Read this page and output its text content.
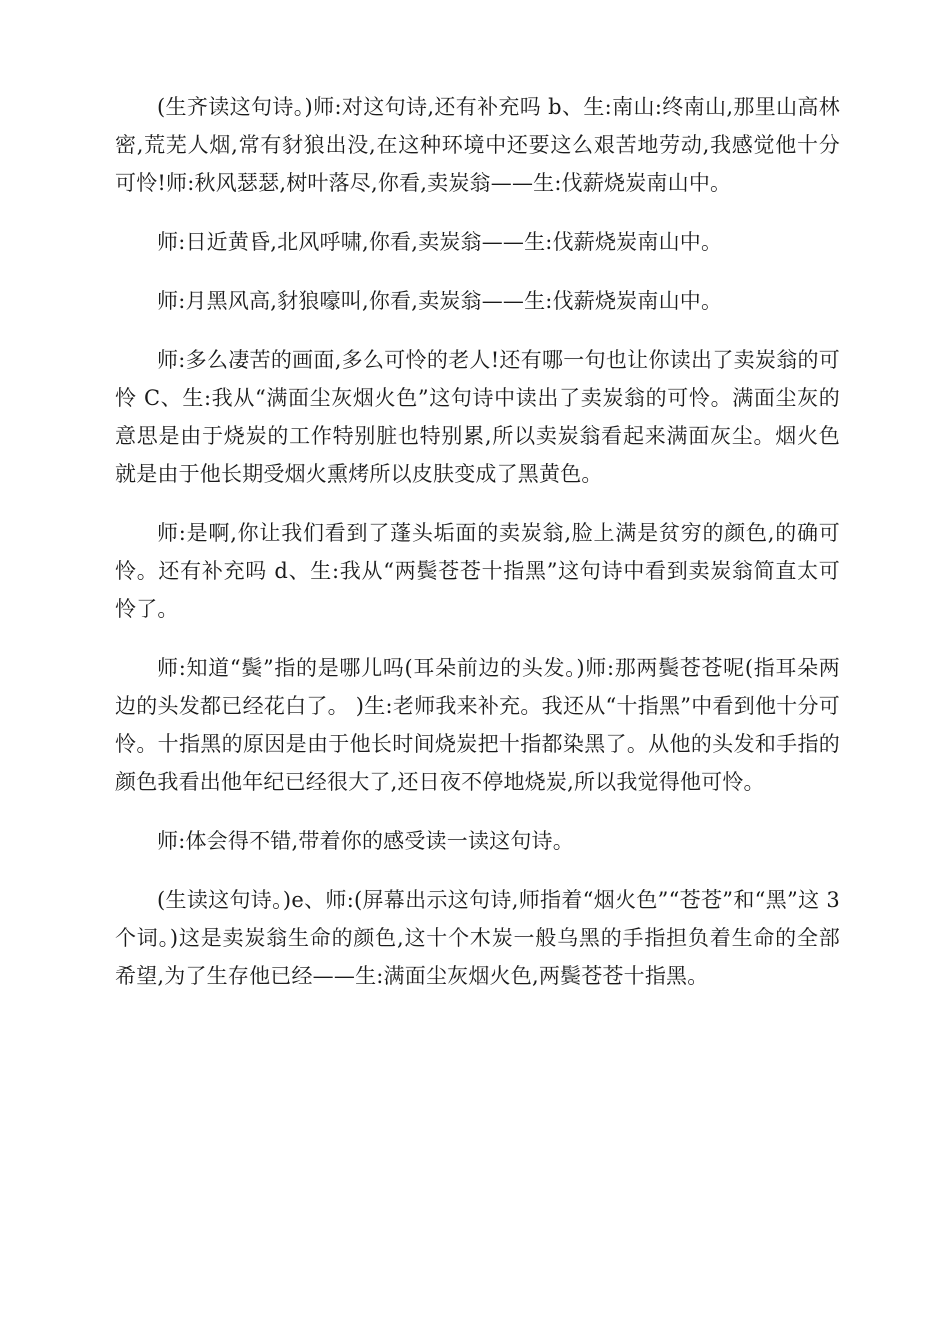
(生齐读这句诗。)师:对这句诗,还有补充吗 b、生:南山:终南山,那里山高林密,荒芜人烟,常有豺狼出没,在这种环境中还要这么艰苦地劳动,我感觉他十分可怜!师:秋风瑟瑟,树叶落尽,你看,卖炭翁——生:伐薪烧炭南山中。

师:日近黄昏,北风呼啸,你看,卖炭翁——生:伐薪烧炭南山中。

师:月黑风高,豺狼嚎叫,你看,卖炭翁——生:伐薪烧炭南山中。

师:多么凄苦的画面,多么可怜的老人!还有哪一句也让你读出了卖炭翁的可怜 C、生:我从“满面尘灰烟火色”这句诗中读出了卖炭翁的可怜。满面尘灰的意思是由于烧炭的工作特别脏也特别累,所以卖炭翁看起来满面灰尘。烟火色就是由于他长期受烟火熏烤所以皮肤变成了黑黄色。

师:是啊,你让我们看到了蓬头垢面的卖炭翁,脸上满是贫穷的颜色,的确可怜。还有补充吗 d、生:我从“两鬓苍苍十指黑”这句诗中看到卖炭翁简直太可怜了。

师:知道“鬓”指的是哪儿吗(耳朵前边的头发。)师:那两鬓苍苍呢(指耳朵两边的头发都已经花白了。 )生:老师我来补充。我还从“十指黑”中看到他十分可怜。十指黑的原因是由于他长时间烧炭把十指都染黑了。从他的头发和手指的颜色我看出他年纪已经很大了,还日夜不停地烧炭,所以我觉得他可怜。

师:体会得不错,带着你的感受读一读这句诗。

(生读这句诗。)e、师:(屏幕出示这句诗,师指着“烟火色”“苍苍”和“黑”这 3 个词。)这是卖炭翁生命的颜色,这十个木炭一般乌黑的手指担负着生命的全部希望,为了生存他已经——生:满面尘灰烟火色,两鬓苍苍十指黑。
